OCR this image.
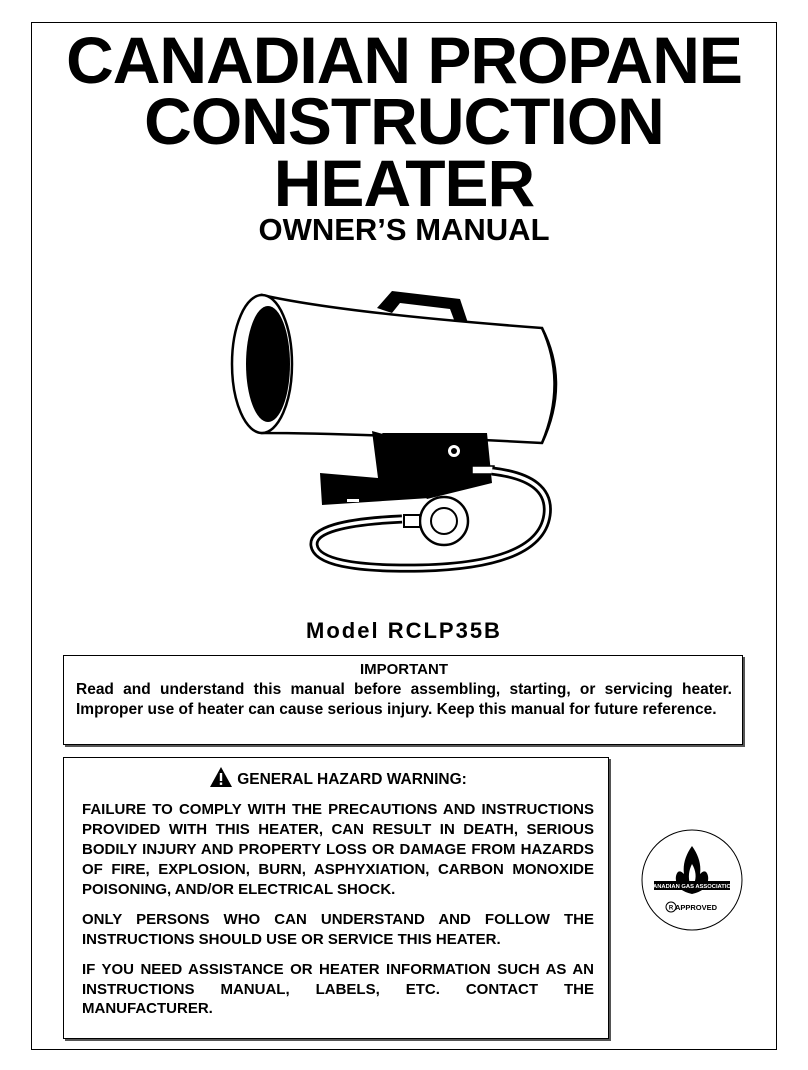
CANADIAN PROPANE
CONSTRUCTION
HEATER
OWNER’S MANUAL
Model RCLP35B
IMPORTANT
Read and understand this manual before assembling, starting, or servicing heater. Improper use of heater can cause serious injury. Keep this manual for future reference.
GENERAL HAZARD WARNING:

FAILURE TO COMPLY WITH THE PRECAUTIONS AND INSTRUCTIONS PROVIDED WITH THIS HEATER, CAN RESULT IN DEATH, SERIOUS BODILY INJURY AND PROPERTY LOSS OR DAMAGE FROM HAZARDS OF FIRE, EXPLOSION, BURN, ASPHYXIATION, CARBON MONOXIDE POISONING, AND/OR ELECTRICAL SHOCK.

ONLY PERSONS WHO CAN UNDERSTAND AND FOLLOW THE INSTRUCTIONS SHOULD USE OR SERVICE THIS HEATER.

IF YOU NEED ASSISTANCE OR HEATER INFORMATION SUCH AS AN INSTRUCTIONS MANUAL, LABELS, ETC. CONTACT THE MANUFACTURER.

CANADIAN GAS ASSOCIATION
R APPROVED
